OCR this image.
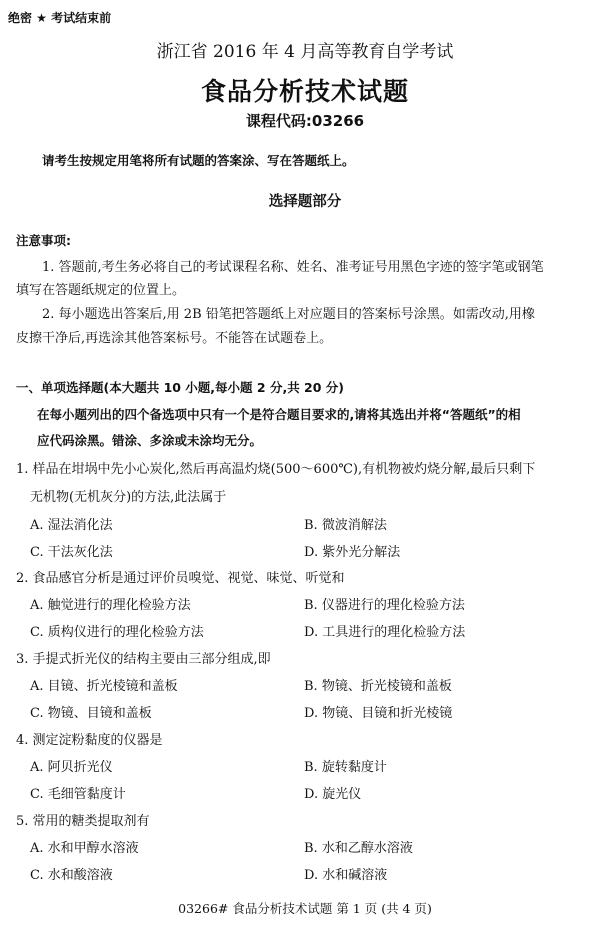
绝密 ★ 考试结束前
浙江省 2016 年 4 月高等教育自学考试
食品分析技术试题
课程代码:03266
请考生按规定用笔将所有试题的答案涂、写在答题纸上。
选择题部分
注意事项:
1. 答题前,考生务必将自己的考试课程名称、姓名、准考证号用黑色字迹的签字笔或钢笔
填写在答题纸规定的位置上。
2. 每小题选出答案后,用 2B 铅笔把答题纸上对应题目的答案标号涂黑。如需改动,用橡
皮擦干净后,再选涂其他答案标号。不能答在试题卷上。
一、单项选择题(本大题共 10 小题,每小题 2 分,共 20 分)
在每小题列出的四个备选项中只有一个是符合题目要求的,请将其选出并将“答题纸”的相
应代码涂黑。错涂、多涂或未涂均无分。
1. 样品在坩埚中先小心炭化,然后再高温灼烧(500～600℃),有机物被灼烧分解,最后只剩下
无机物(无机灰分)的方法,此法属于
A. 湿法消化法	B. 微波消解法
C. 干法灰化法	D. 紫外光分解法
2. 食品感官分析是通过评价员嗅觉、视觉、味觉、听觉和
A. 触觉进行的理化检验方法	B. 仪器进行的理化检验方法
C. 质构仪进行的理化检验方法	D. 工具进行的理化检验方法
3. 手提式折光仪的结构主要由三部分组成,即
A. 目镜、折光棱镜和盖板	B. 物镜、折光棱镜和盖板
C. 物镜、目镜和盖板	D. 物镜、目镜和折光棱镜
4. 测定淀粉黏度的仪器是
A. 阿贝折光仪	B. 旋转黏度计
C. 毛细管黏度计	D. 旋光仪
5. 常用的糖类提取剂有
A. 水和甲醇水溶液	B. 水和乙醇水溶液
C. 水和酸溶液	D. 水和碱溶液
03266# 食品分析技术试题 第 1 页 (共 4 页)
